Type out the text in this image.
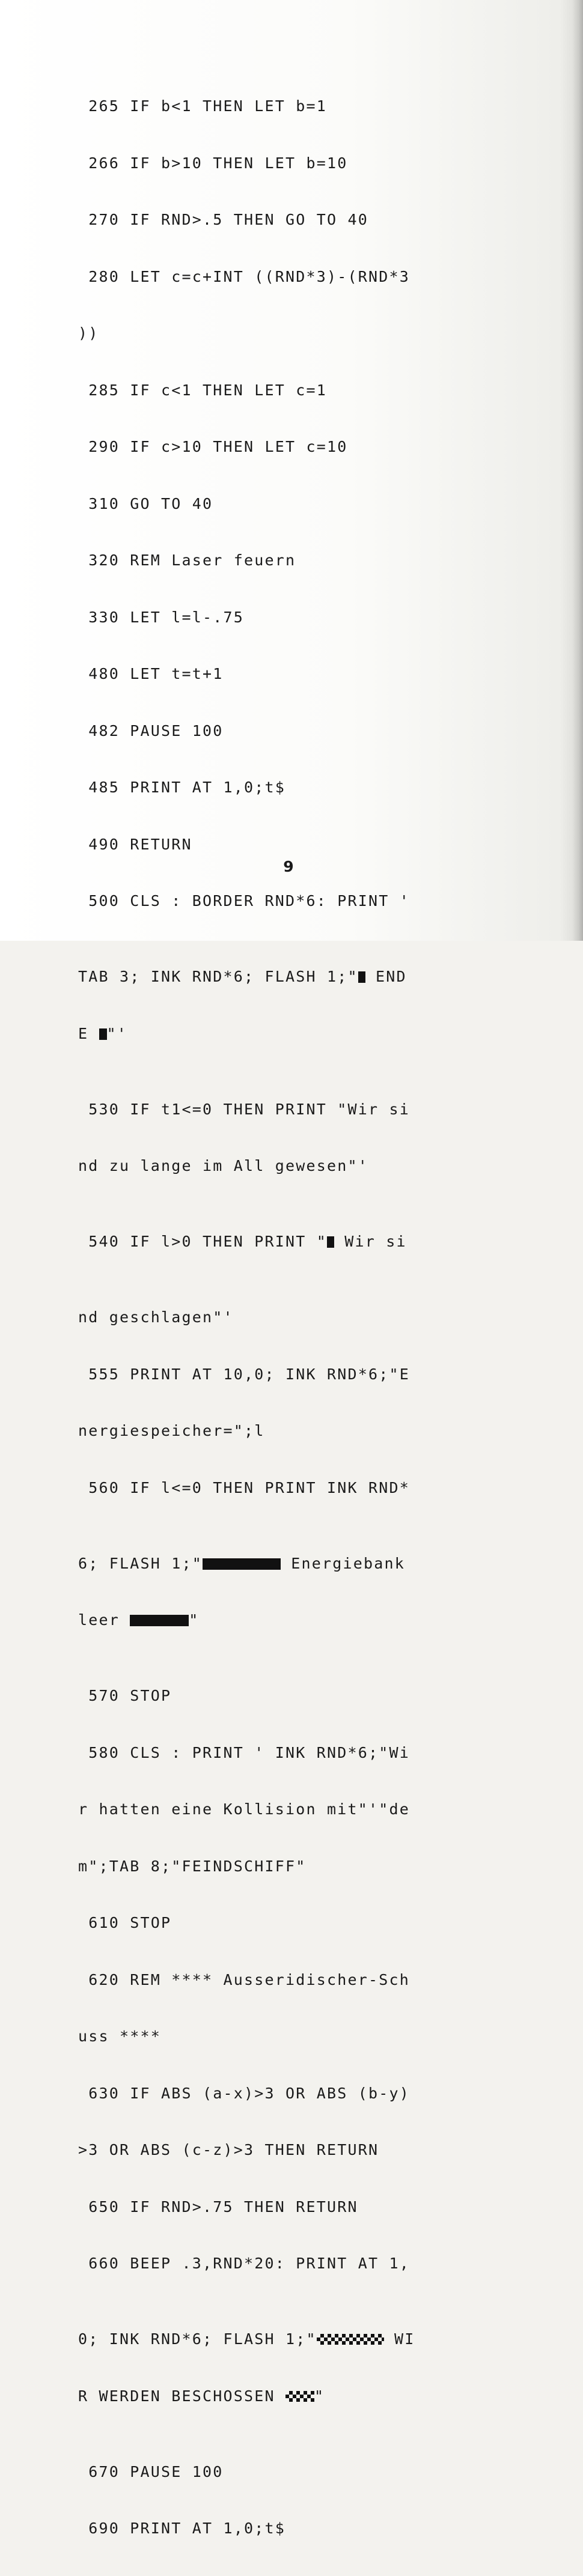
265 IF b<1 THEN LET b=1

266 IF b>10 THEN LET b=10

270 IF RND>.5 THEN GO TO 40

280 LET c=c+INT ((RND*3)-(RND*3

))

285 IF c<1 THEN LET c=1

290 IF c>10 THEN LET c=10

310 GO TO 40

320 REM Laser feuern

330 LET l=l-.75

480 LET t=t+1

482 PAUSE 100

485 PRINT AT 1,0;t$

490 RETURN

500 CLS : BORDER RND*6: PRINT '

TAB 3; INK RND*6; FLASH 1;" END

E "'

530 IF t1<=0 THEN PRINT "Wir si

nd zu lange im All gewesen"'

540 IF l>0 THEN PRINT " Wir si

nd geschlagen"'

555 PRINT AT 10,0; INK RND*6;"E

nergiespeicher=";l

560 IF l<=0 THEN PRINT INK RND*

6; FLASH 1;"	Energiebank

leer	"

570 STOP

580 CLS : PRINT ' INK RND*6;"Wi

r hatten eine Kollision mit"'"de

m";TAB 8;"FEINDSCHIFF"

610 STOP

620 REM **** Ausseridischer-Sch

uss ****

630 IF ABS (a-x)>3 OR ABS (b-y)

>3 OR ABS (c-z)>3 THEN RETURN

650 IF RND>.75 THEN RETURN

660 BEEP .3,RND*20: PRINT AT 1,

0; INK RND*6; FLASH 1;"	WI

R WERDEN BESCHOSSEN "

670 PAUSE 100

690 PRINT AT 1,0;t$

9
